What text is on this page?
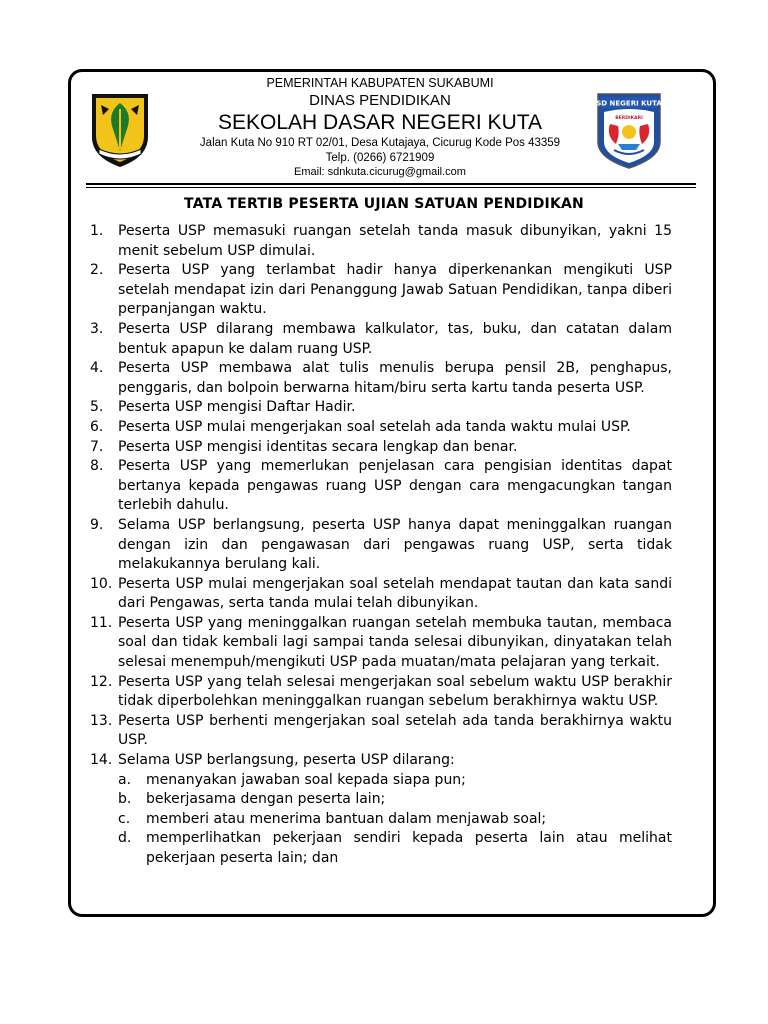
SD NEGERI KUTA
BERDIKARI
PEMERINTAH KABUPATEN SUKABUMI
DINAS PENDIDIKAN
SEKOLAH DASAR NEGERI KUTA
Jalan Kuta No 910 RT 02/01, Desa Kutajaya, Cicurug Kode Pos 43359
Telp. (0266) 6721909
Email: sdnkuta.cicurug@gmail.com
TATA TERTIB PESERTA UJIAN SATUAN PENDIDIKAN
1. Peserta USP memasuki ruangan setelah tanda masuk dibunyikan, yakni 15 menit sebelum USP dimulai.
2. Peserta USP yang terlambat hadir hanya diperkenankan mengikuti USP setelah mendapat izin dari Penanggung Jawab Satuan Pendidikan, tanpa diberi perpanjangan waktu.
3. Peserta USP dilarang membawa kalkulator, tas, buku, dan catatan dalam bentuk apapun ke dalam ruang USP.
4. Peserta USP membawa alat tulis menulis berupa pensil 2B, penghapus, penggaris, dan bolpoin berwarna hitam/biru serta kartu tanda peserta USP.
5. Peserta USP mengisi Daftar Hadir.
6. Peserta USP mulai mengerjakan soal setelah ada tanda waktu mulai USP.
7. Peserta USP mengisi identitas secara lengkap dan benar.
8. Peserta USP yang memerlukan penjelasan cara pengisian identitas dapat bertanya kepada pengawas ruang USP dengan cara mengacungkan tangan terlebih dahulu.
9. Selama USP berlangsung, peserta USP hanya dapat meninggalkan ruangan dengan izin dan pengawasan dari pengawas ruang USP, serta tidak melakukannya berulang kali.
10. Peserta USP mulai mengerjakan soal setelah mendapat tautan dan kata sandi dari Pengawas, serta tanda mulai telah dibunyikan.
11. Peserta USP yang meninggalkan ruangan setelah membuka tautan, membaca soal dan tidak kembali lagi sampai tanda selesai dibunyikan, dinyatakan telah selesai menempuh/mengikuti USP pada muatan/mata pelajaran yang terkait.
12. Peserta USP yang telah selesai mengerjakan soal sebelum waktu USP berakhir tidak diperbolehkan meninggalkan ruangan sebelum berakhirnya waktu USP.
13. Peserta USP berhenti mengerjakan soal setelah ada tanda berakhirnya waktu USP.
14. Selama USP berlangsung, peserta USP dilarang:
a. menanyakan jawaban soal kepada siapa pun;
b. bekerjasama dengan peserta lain;
c. memberi atau menerima bantuan dalam menjawab soal;
d. memperlihatkan pekerjaan sendiri kepada peserta lain atau melihat pekerjaan peserta lain; dan
